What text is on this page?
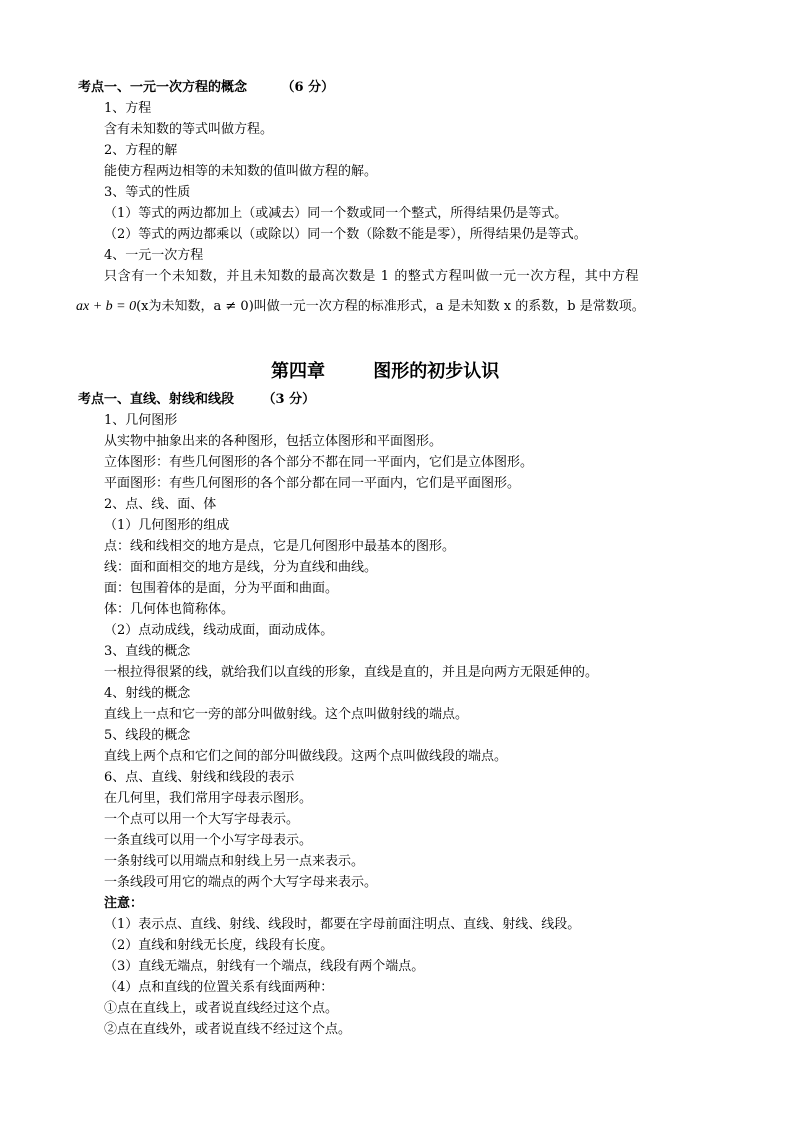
考点一、一元一次方程的概念	（6 分）
1、方程
含有未知数的等式叫做方程。
2、方程的解
能使方程两边相等的未知数的值叫做方程的解。
3、等式的性质
（1）等式的两边都加上（或减去）同一个数或同一个整式，所得结果仍是等式。
（2）等式的两边都乘以（或除以）同一个数（除数不能是零），所得结果仍是等式。
4、一元一次方程
只含有一个未知数，并且未知数的最高次数是 1 的整式方程叫做一元一次方程，其中方程
ax + b = 0(x为未知数，a ≠ 0)叫做一元一次方程的标准形式，a 是未知数 x 的系数，b 是常数项。
第四章	图形的初步认识
考点一、直线、射线和线段 （3 分）
1、几何图形
从实物中抽象出来的各种图形，包括立体图形和平面图形。
立体图形：有些几何图形的各个部分不都在同一平面内，它们是立体图形。
平面图形：有些几何图形的各个部分都在同一平面内，它们是平面图形。
2、点、线、面、体
（1）几何图形的组成
点：线和线相交的地方是点，它是几何图形中最基本的图形。
线：面和面相交的地方是线，分为直线和曲线。
面：包围着体的是面，分为平面和曲面。
体：几何体也简称体。
（2）点动成线，线动成面，面动成体。
3、直线的概念
一根拉得很紧的线，就给我们以直线的形象，直线是直的，并且是向两方无限延伸的。
4、射线的概念
直线上一点和它一旁的部分叫做射线。这个点叫做射线的端点。
5、线段的概念
直线上两个点和它们之间的部分叫做线段。这两个点叫做线段的端点。
6、点、直线、射线和线段的表示
在几何里，我们常用字母表示图形。
一个点可以用一个大写字母表示。
一条直线可以用一个小写字母表示。
一条射线可以用端点和射线上另一点来表示。
一条线段可用它的端点的两个大写字母来表示。
注意：
（1）表示点、直线、射线、线段时，都要在字母前面注明点、直线、射线、线段。
（2）直线和射线无长度，线段有长度。
（3）直线无端点，射线有一个端点，线段有两个端点。
（4）点和直线的位置关系有线面两种：
①点在直线上，或者说直线经过这个点。
②点在直线外，或者说直线不经过这个点。
